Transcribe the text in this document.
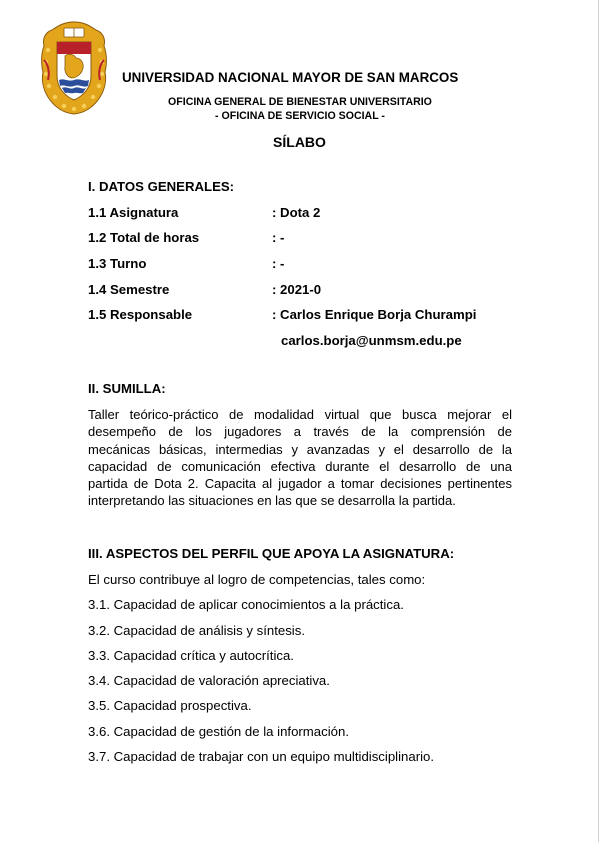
UNIVERSIDAD NACIONAL MAYOR DE SAN MARCOS
OFICINA GENERAL DE BIENESTAR UNIVERSITARIO
- OFICINA DE SERVICIO SOCIAL -
SÍLABO
I. DATOS GENERALES:
1.1 Asignatura	: Dota 2
1.2 Total de horas	: -
1.3 Turno	: -
1.4 Semestre	: 2021-0
1.5 Responsable	: Carlos Enrique Borja Churampi
carlos.borja@unmsm.edu.pe
II. SUMILLA:
Taller teórico-práctico de modalidad virtual que busca mejorar el
desempeño de los jugadores a través de la comprensión de
mecánicas básicas, intermedias y avanzadas y el desarrollo de la
capacidad de comunicación efectiva durante el desarrollo de una
partida de Dota 2. Capacita al jugador a tomar decisiones pertinentes
interpretando las situaciones en las que se desarrolla la partida.
III. ASPECTOS DEL PERFIL QUE APOYA LA ASIGNATURA:
El curso contribuye al logro de competencias, tales como:
3.1. Capacidad de aplicar conocimientos a la práctica.
3.2. Capacidad de análisis y síntesis.
3.3. Capacidad crítica y autocrítica.
3.4. Capacidad de valoración apreciativa.
3.5. Capacidad prospectiva.
3.6. Capacidad de gestión de la información.
3.7. Capacidad de trabajar con un equipo multidisciplinario.
